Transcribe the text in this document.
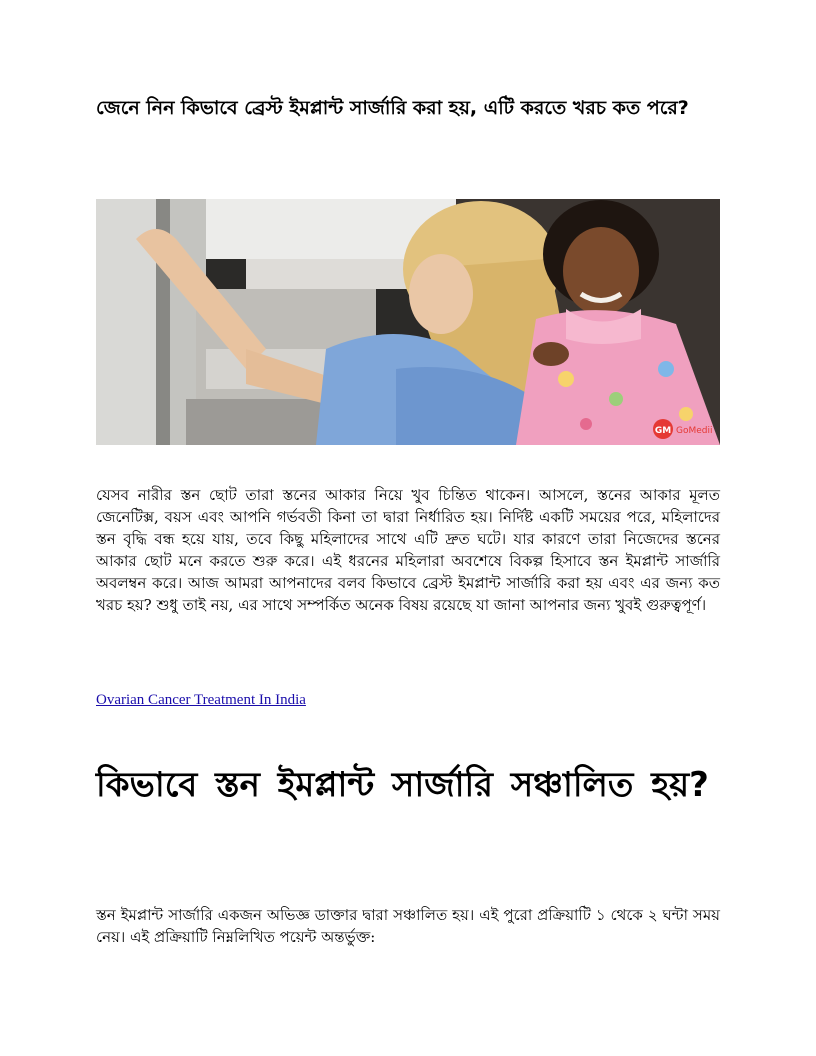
জেনে নিন কিভাবে ব্রেস্ট ইমপ্লান্ট সার্জারি করা হয়, এটি করতে খরচ কত পরে?
GM GoMedii

যেসব নারীর স্তন ছোট তারা স্তনের আকার নিয়ে খুব চিন্তিত থাকেন। আসলে, স্তনের আকার মূলত জেনেটিক্স, বয়স এবং আপনি গর্ভবতী কিনা তা দ্বারা নির্ধারিত হয়। নির্দিষ্ট একটি সময়ের পরে, মহিলাদের স্তন বৃদ্ধি বন্ধ হয়ে যায়, তবে কিছু মহিলাদের সাথে এটি দ্রুত ঘটে। যার কারণে তারা নিজেদের স্তনের আকার ছোট মনে করতে শুরু করে। এই ধরনের মহিলারা অবশেষে বিকল্প হিসাবে স্তন ইমপ্লান্ট সার্জারি অবলম্বন করে। আজ আমরা আপনাদের বলব কিভাবে ব্রেস্ট ইমপ্লান্ট সার্জারি করা হয় এবং এর জন্য কত খরচ হয়? শুধু তাই নয়, এর সাথে সম্পর্কিত অনেক বিষয় রয়েছে যা জানা আপনার জন্য খুবই গুরুত্বপূর্ণ।

Ovarian Cancer Treatment In India
কিভাবে স্তন ইমপ্লান্ট সার্জারি সঞ্চালিত হয়?

স্তন ইমপ্লান্ট সার্জারি একজন অভিজ্ঞ ডাক্তার দ্বারা সঞ্চালিত হয়। এই পুরো প্রক্রিয়াটি ১ থেকে ২ ঘন্টা সময় নেয়। এই প্রক্রিয়াটি নিম্নলিখিত পয়েন্ট অন্তর্ভুক্ত:
